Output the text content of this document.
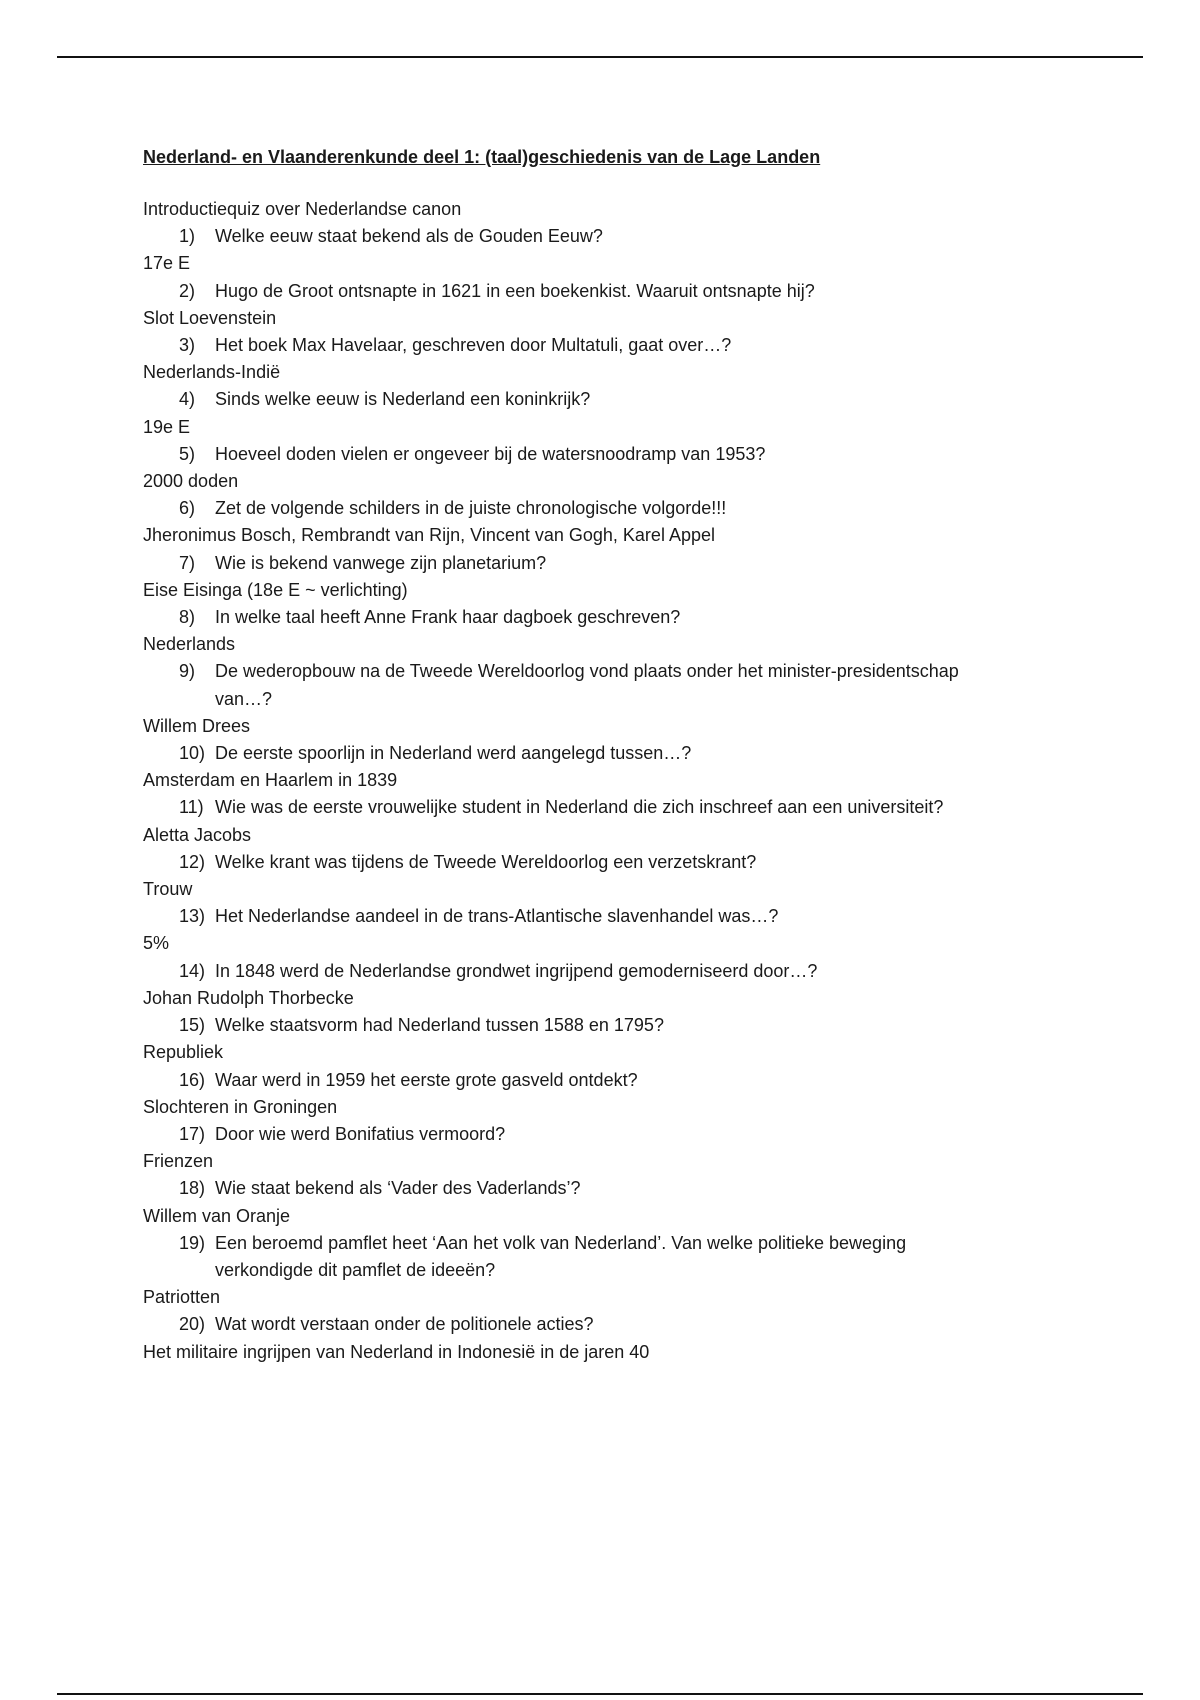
Nederland- en Vlaanderenkunde deel 1: (taal)geschiedenis van de Lage Landen
Introductiequiz over Nederlandse canon
1)	Welke eeuw staat bekend als de Gouden Eeuw?
17e E
2)	Hugo de Groot ontsnapte in 1621 in een boekenkist. Waaruit ontsnapte hij?
Slot Loevenstein
3)	Het boek Max Havelaar, geschreven door Multatuli, gaat over…?
Nederlands-Indië
4)	Sinds welke eeuw is Nederland een koninkrijk?
19e E
5)	Hoeveel doden vielen er ongeveer bij de watersnoodramp van 1953?
2000 doden
6)	Zet de volgende schilders in de juiste chronologische volgorde!!!
Jheronimus Bosch, Rembrandt van Rijn, Vincent van Gogh, Karel Appel
7)	Wie is bekend vanwege zijn planetarium?
Eise Eisinga (18e E ~ verlichting)
8)	In welke taal heeft Anne Frank haar dagboek geschreven?
Nederlands
9)	De wederopbouw na de Tweede Wereldoorlog vond plaats onder het minister-presidentschap van…?
Willem Drees
10) De eerste spoorlijn in Nederland werd aangelegd tussen…?
Amsterdam en Haarlem in 1839
11) Wie was de eerste vrouwelijke student in Nederland die zich inschreef aan een universiteit?
Aletta Jacobs
12) Welke krant was tijdens de Tweede Wereldoorlog een verzetskrant?
Trouw
13) Het Nederlandse aandeel in de trans-Atlantische slavenhandel was…?
5%
14) In 1848 werd de Nederlandse grondwet ingrijpend gemoderniseerd door…?
Johan Rudolph Thorbecke
15) Welke staatsvorm had Nederland tussen 1588 en 1795?
Republiek
16) Waar werd in 1959 het eerste grote gasveld ontdekt?
Slochteren in Groningen
17) Door wie werd Bonifatius vermoord?
Frienzen
18) Wie staat bekend als ‘Vader des Vaderlands’?
Willem van Oranje
19) Een beroemd pamflet heet ‘Aan het volk van Nederland’. Van welke politieke beweging verkondigde dit pamflet de ideeën?
Patriotten
20) Wat wordt verstaan onder de politionele acties?
Het militaire ingrijpen van Nederland in Indonesië in de jaren 40
